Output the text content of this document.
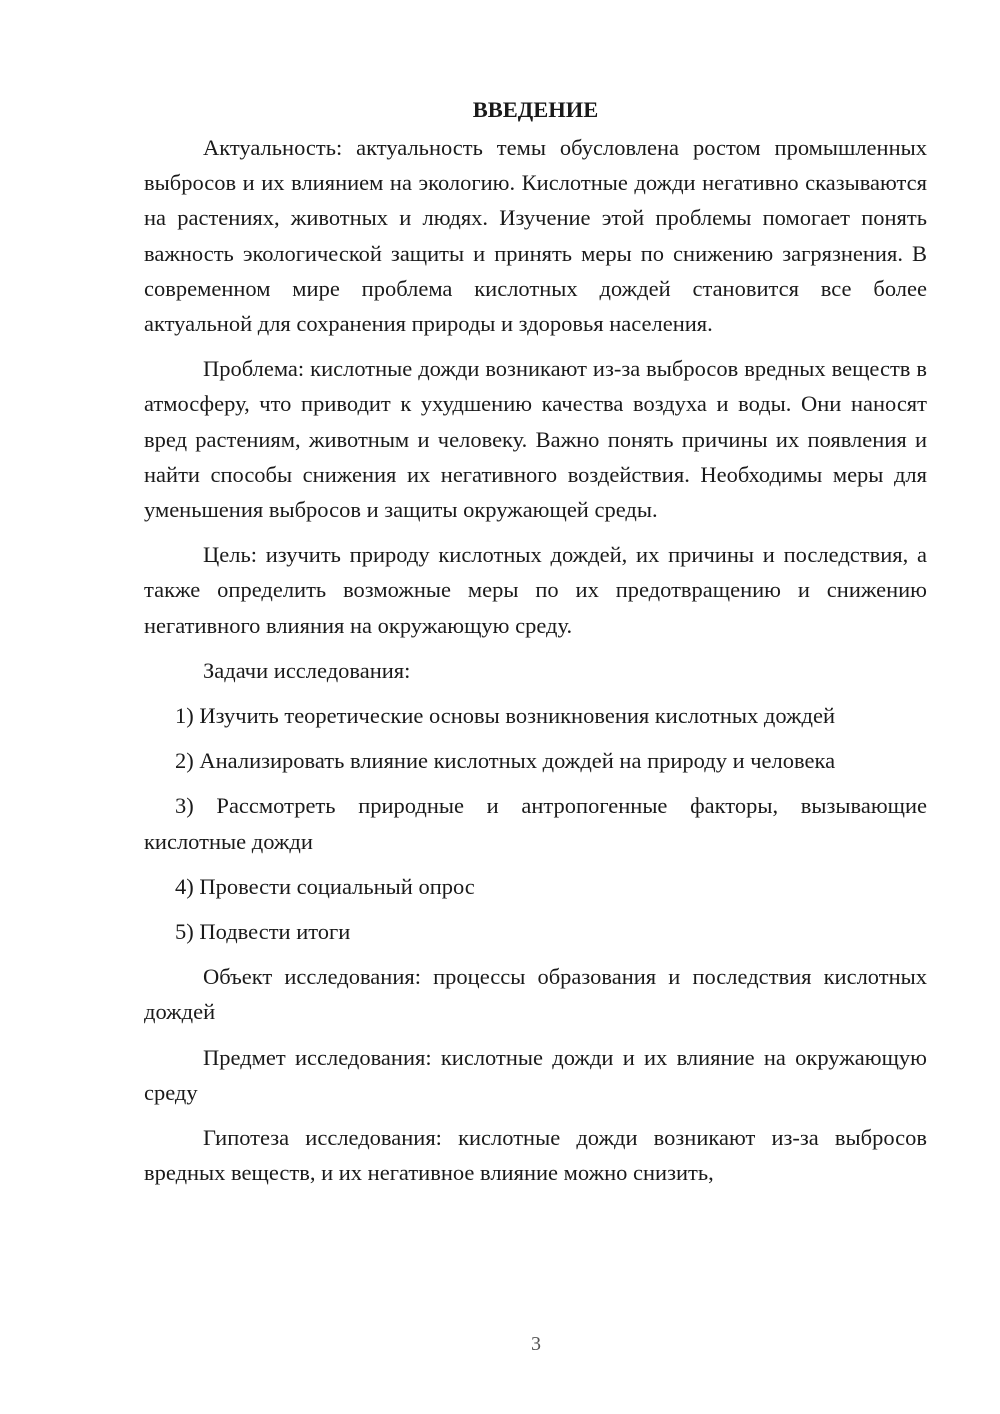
ВВЕДЕНИЕ

Актуальность: актуальность темы обусловлена ростом промышленных выбросов и их влиянием на экологию. Кислотные дожди негативно сказываются на растениях, животных и людях. Изучение этой проблемы помогает понять важность экологической защиты и принять меры по снижению загрязнения. В современном мире проблема кислотных дождей становится все более актуальной для сохранения природы и здоровья населения.

Проблема: кислотные дожди возникают из-за выбросов вредных веществ в атмосферу, что приводит к ухудшению качества воздуха и воды. Они наносят вред растениям, животным и человеку. Важно понять причины их появления и найти способы снижения их негативного воздействия. Необходимы меры для уменьшения выбросов и защиты окружающей среды.

Цель: изучить природу кислотных дождей, их причины и последствия, а также определить возможные меры по их предотвращению и снижению негативного влияния на окружающую среду.

Задачи исследования:

1) Изучить теоретические основы возникновения кислотных дождей

2) Анализировать влияние кислотных дождей на природу и человека

3) Рассмотреть природные и антропогенные факторы, вызывающие кислотные дожди

4) Провести социальный опрос

5) Подвести итоги

Объект исследования: процессы образования и последствия кислотных дождей

Предмет исследования: кислотные дожди и их влияние на окружающую среду

Гипотеза исследования: кислотные дожди возникают из-за выбросов вредных веществ, и их негативное влияние можно снизить,

3
